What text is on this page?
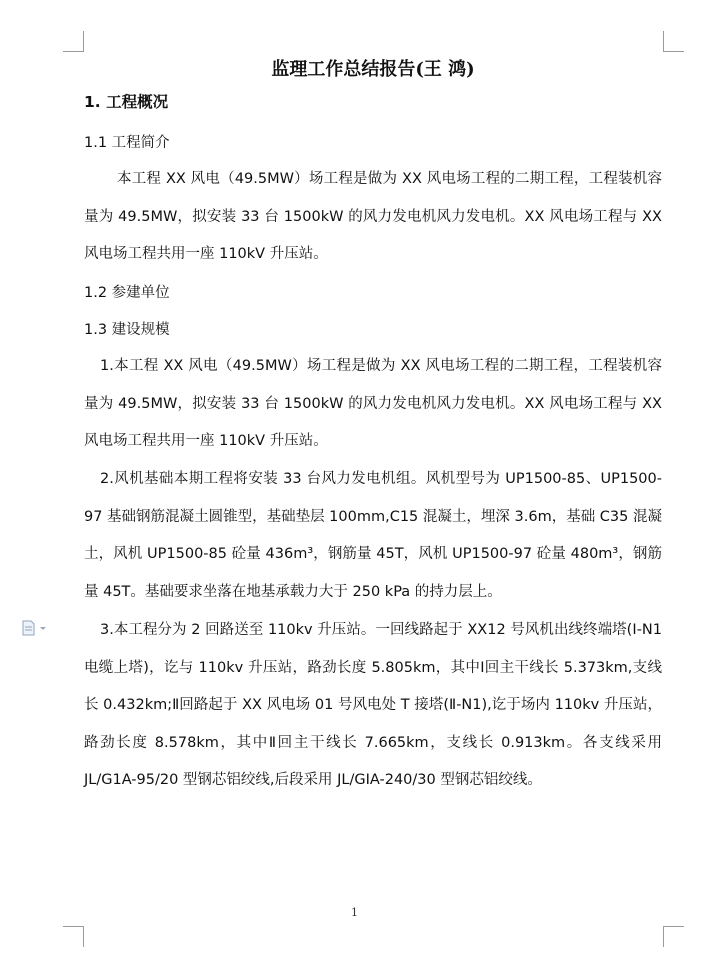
监理工作总结报告(王 鸿)
1. 工程概况
1.1 工程简介
本工程 XX 风电（49.5MW）场工程是做为 XX 风电场工程的二期工程，工程装机容量为 49.5MW，拟安装 33 台 1500kW 的风力发电机风力发电机。XX 风电场工程与 XX 风电场工程共用一座 110kV 升压站。
1.2 参建单位
1.3 建设规模
1.本工程 XX 风电（49.5MW）场工程是做为 XX 风电场工程的二期工程，工程装机容量为 49.5MW，拟安装 33 台 1500kW 的风力发电机风力发电机。XX 风电场工程与 XX 风电场工程共用一座 110kV 升压站。
2.风机基础本期工程将安装 33 台风力发电机组。风机型号为 UP1500-85、UP1500-97 基础钢筋混凝土圆锥型，基础垫层 100mm,C15 混凝土，埋深 3.6m，基础 C35 混凝土，风机 UP1500-85 砼量 436m³，钢筋量 45T，风机 UP1500-97 砼量 480m³，钢筋量 45T。基础要求坐落在地基承载力大于 250 kPa 的持力层上。
3.本工程分为 2 回路送至 110kv 升压站。一回线路起于 XX12 号风机出线终端塔(Ⅰ-N1 电缆上塔)，讫与 110kv 升压站，路劲长度 5.805km，其中Ⅰ回主干线长 5.373km,支线长 0.432km;Ⅱ回路起于 XX 风电场 01 号风电处 T 接塔(Ⅱ-N1),讫于场内 110kv 升压站，路劲长度 8.578km，其中Ⅱ回主干线长 7.665km，支线长 0.913km。各支线采用 JL/G1A-95/20 型钢芯铝绞线,后段采用 JL/GIA-240/30 型钢芯铝绞线。
1
